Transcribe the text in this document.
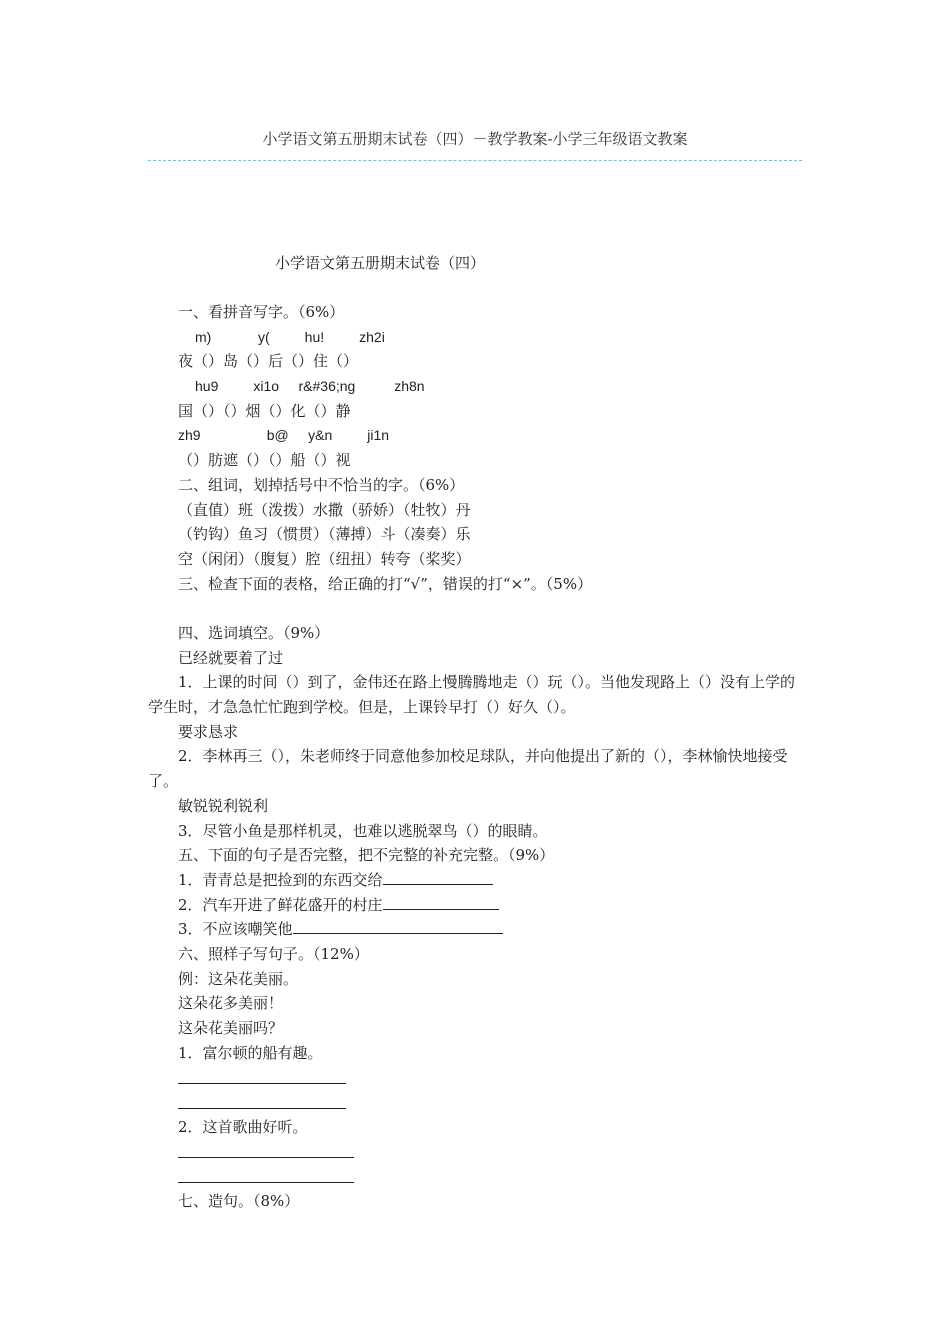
小学语文第五册期末试卷（四）－教学教案-小学三年级语文教案
小学语文第五册期末试卷（四）
一、看拼音写字。（6%）
m)            y(         hu!         zh2i
夜（）岛（）后（）住（）
hu9         xi1o     r&#36;ng          zh8n
国（）（）烟（）化（）静
zh9                 b@     y&n         ji1n
（）肪遮（）（）船（）视
二、组词，划掉括号中不恰当的字。（6%）
（直值）班（泼拨）水撒（骄娇）（牡牧）丹
（钓钩）鱼习（惯贯）（薄搏）斗（凑奏）乐
空（闲闭）（腹复）腔（纽扭）转夸（桨奖）
三、检查下面的表格，给正确的打“√”，错误的打“×”。（5%）
四、选词填空。（9%）
已经就要着了过
1．上课的时间（）到了，金伟还在路上慢腾腾地走（）玩（）。当他发现路上（）没有上学的学生时，才急急忙忙跑到学校。但是，上课铃早打（）好久（）。
要求恳求
2．李林再三（），朱老师终于同意他参加校足球队，并向他提出了新的（），李林愉快地接受了。
敏锐锐利锐利
3．尽管小鱼是那样机灵，也难以逃脱翠鸟（）的眼睛。
五、下面的句子是否完整，把不完整的补充完整。（9%）
1．青青总是把捡到的东西交给
2．汽车开进了鲜花盛开的村庄
3．不应该嘲笑他
六、照样子写句子。（12%）
例：这朵花美丽。
这朵花多美丽！
这朵花美丽吗？
1．富尔顿的船有趣。
2．这首歌曲好听。
七、造句。（8%）
